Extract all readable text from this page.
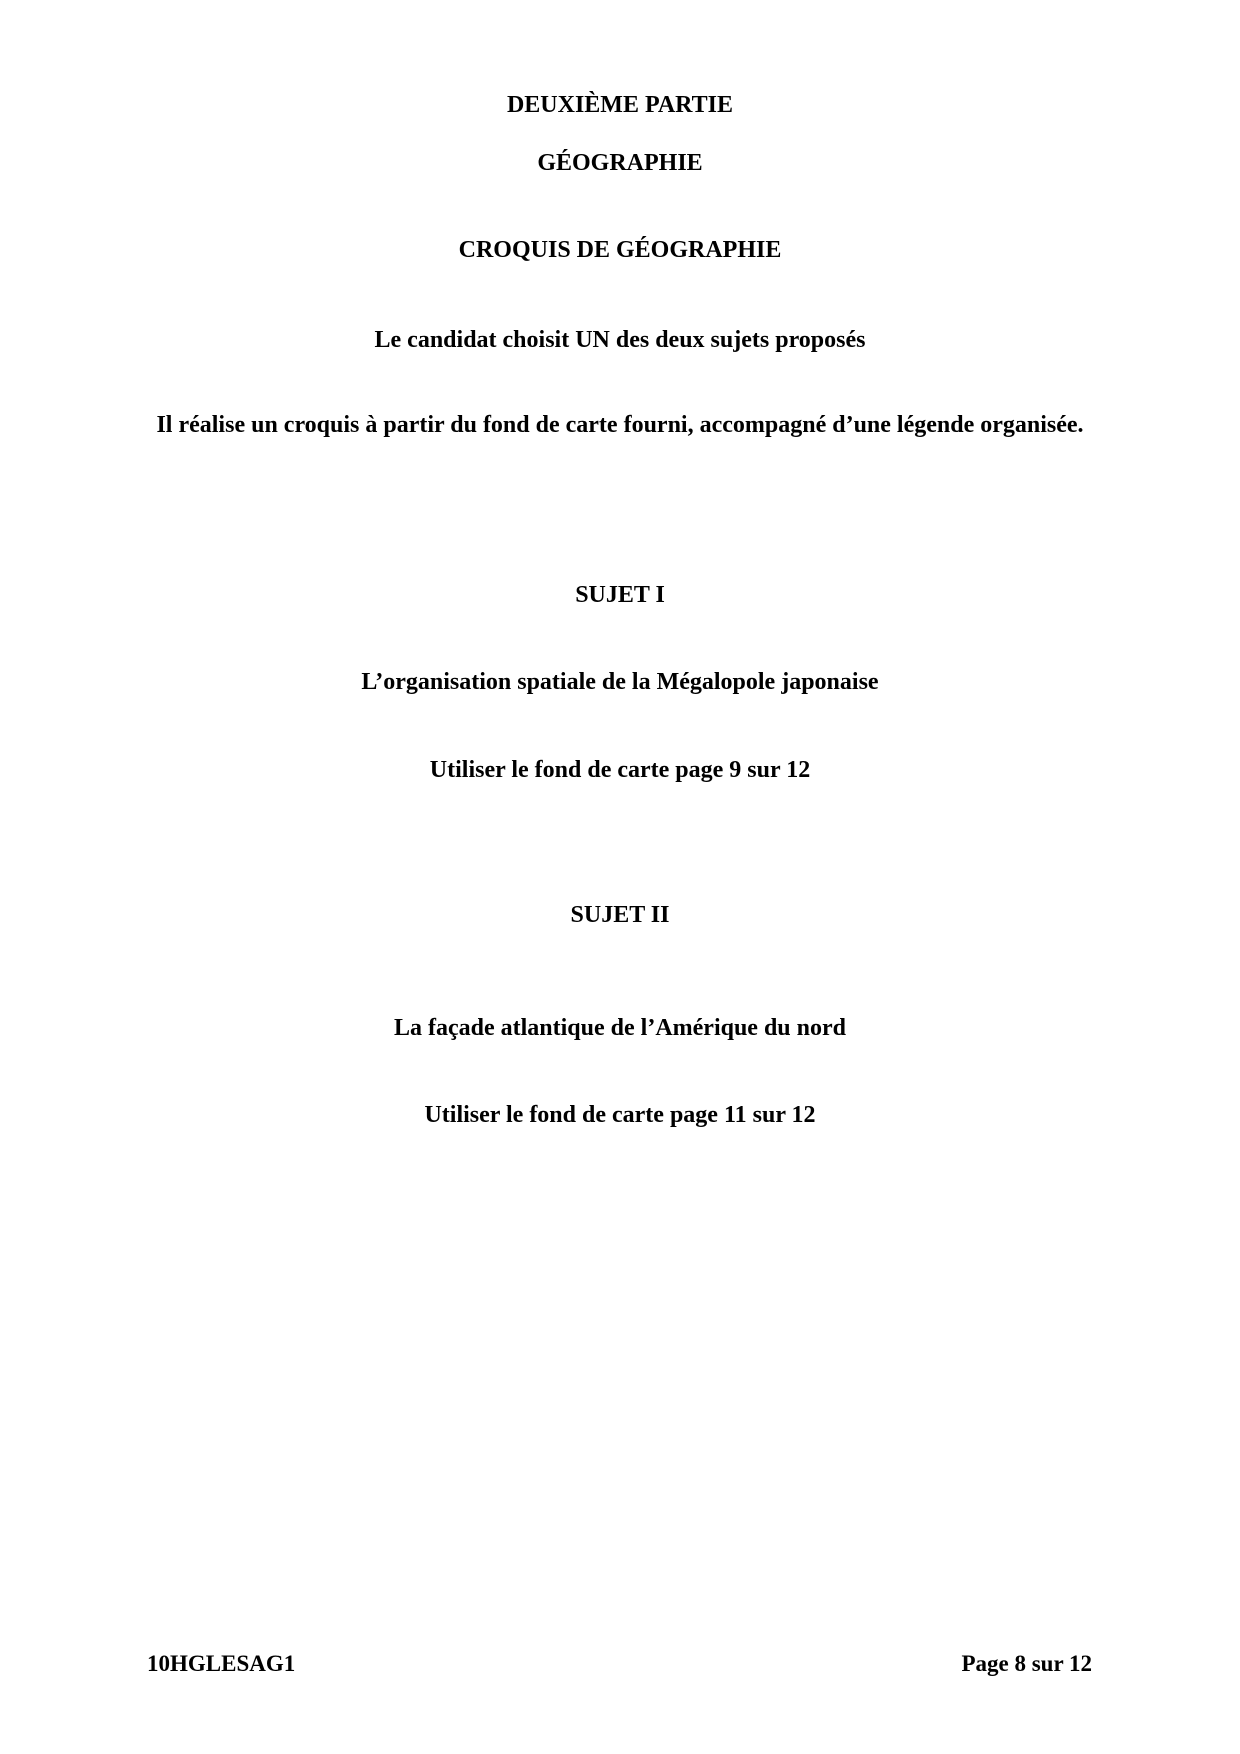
DEUXIÈME PARTIE
GÉOGRAPHIE
CROQUIS DE GÉOGRAPHIE
Le candidat choisit UN des deux sujets proposés
Il réalise un croquis à partir du fond de carte fourni, accompagné d’une légende organisée.
SUJET I
L’organisation spatiale de la Mégalopole japonaise
Utiliser le fond de carte page 9 sur 12
SUJET II
La façade atlantique de l’Amérique du nord
Utiliser le fond de carte page 11 sur 12
10HGLESAG1	Page 8 sur 12
